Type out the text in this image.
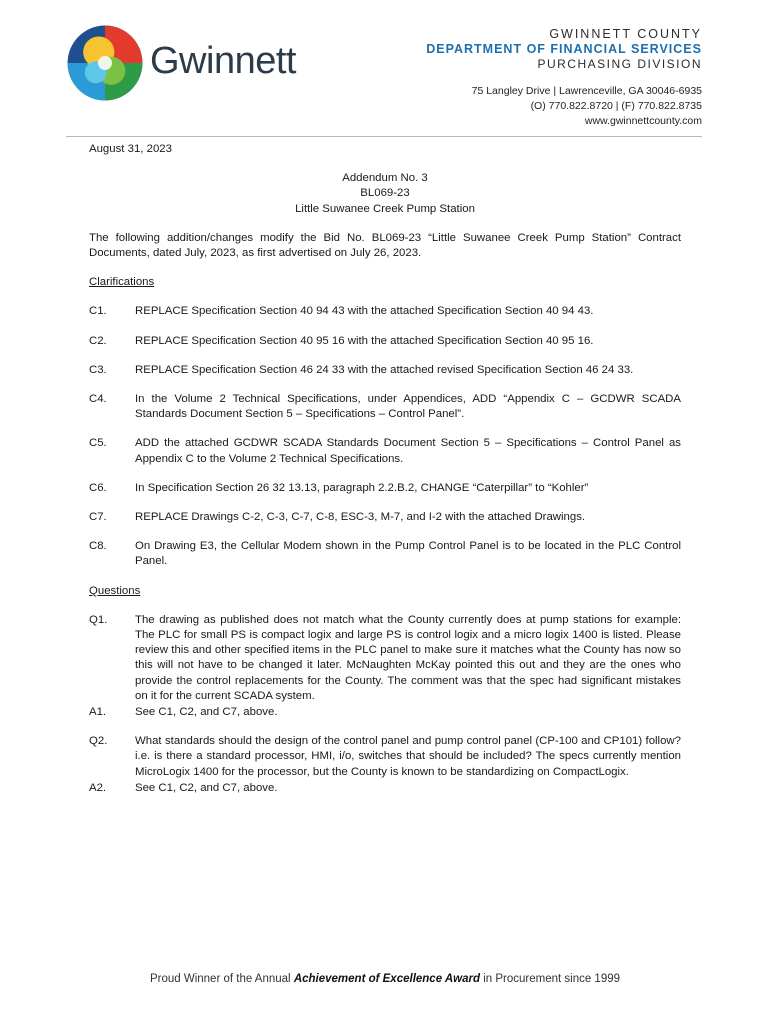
Gwinnett
GWINNETT COUNTY
DEPARTMENT OF FINANCIAL SERVICES
PURCHASING DIVISION
75 Langley Drive | Lawrenceville, GA 30046-6935
(O) 770.822.8720 | (F) 770.822.8735
www.gwinnettcounty.com
August 31, 2023
Addendum No. 3
BL069-23
Little Suwanee Creek Pump Station
The following addition/changes modify the Bid No. BL069-23 “Little Suwanee Creek Pump Station” Contract Documents, dated July, 2023, as first advertised on July 26, 2023.
Clarifications
C1.	REPLACE Specification Section 40 94 43 with the attached Specification Section 40 94 43.
C2.	REPLACE Specification Section 40 95 16 with the attached Specification Section 40 95 16.
C3.	REPLACE Specification Section 46 24 33 with the attached revised Specification Section 46 24 33.
C4.	In the Volume 2 Technical Specifications, under Appendices, ADD “Appendix C – GCDWR SCADA Standards Document Section 5 – Specifications – Control Panel”.
C5.	ADD the attached GCDWR SCADA Standards Document Section 5 – Specifications – Control Panel as Appendix C to the Volume 2 Technical Specifications.
C6.	In Specification Section 26 32 13.13, paragraph 2.2.B.2, CHANGE “Caterpillar” to “Kohler”
C7.	REPLACE Drawings C-2, C-3, C-7, C-8, ESC-3, M-7, and I-2 with the attached Drawings.
C8.	On Drawing E3, the Cellular Modem shown in the Pump Control Panel is to be located in the PLC Control Panel.
Questions
Q1.	The drawing as published does not match what the County currently does at pump stations for example: The PLC for small PS is compact logix and large PS is control logix and a micro logix 1400 is listed. Please review this and other specified items in the PLC panel to make sure it matches what the County has now so this will not have to be changed it later. McNaughten McKay pointed this out and they are the ones who provide the control replacements for the County. The comment was that the spec had significant mistakes on it for the current SCADA system.
A1.	See C1, C2, and C7, above.
Q2.	What standards should the design of the control panel and pump control panel (CP-100 and CP101) follow? i.e. is there a standard processor, HMI, i/o, switches that should be included? The specs currently mention MicroLogix 1400 for the processor, but the County is known to be standardizing on CompactLogix.
A2.	See C1, C2, and C7, above.
Proud Winner of the Annual Achievement of Excellence Award in Procurement since 1999
